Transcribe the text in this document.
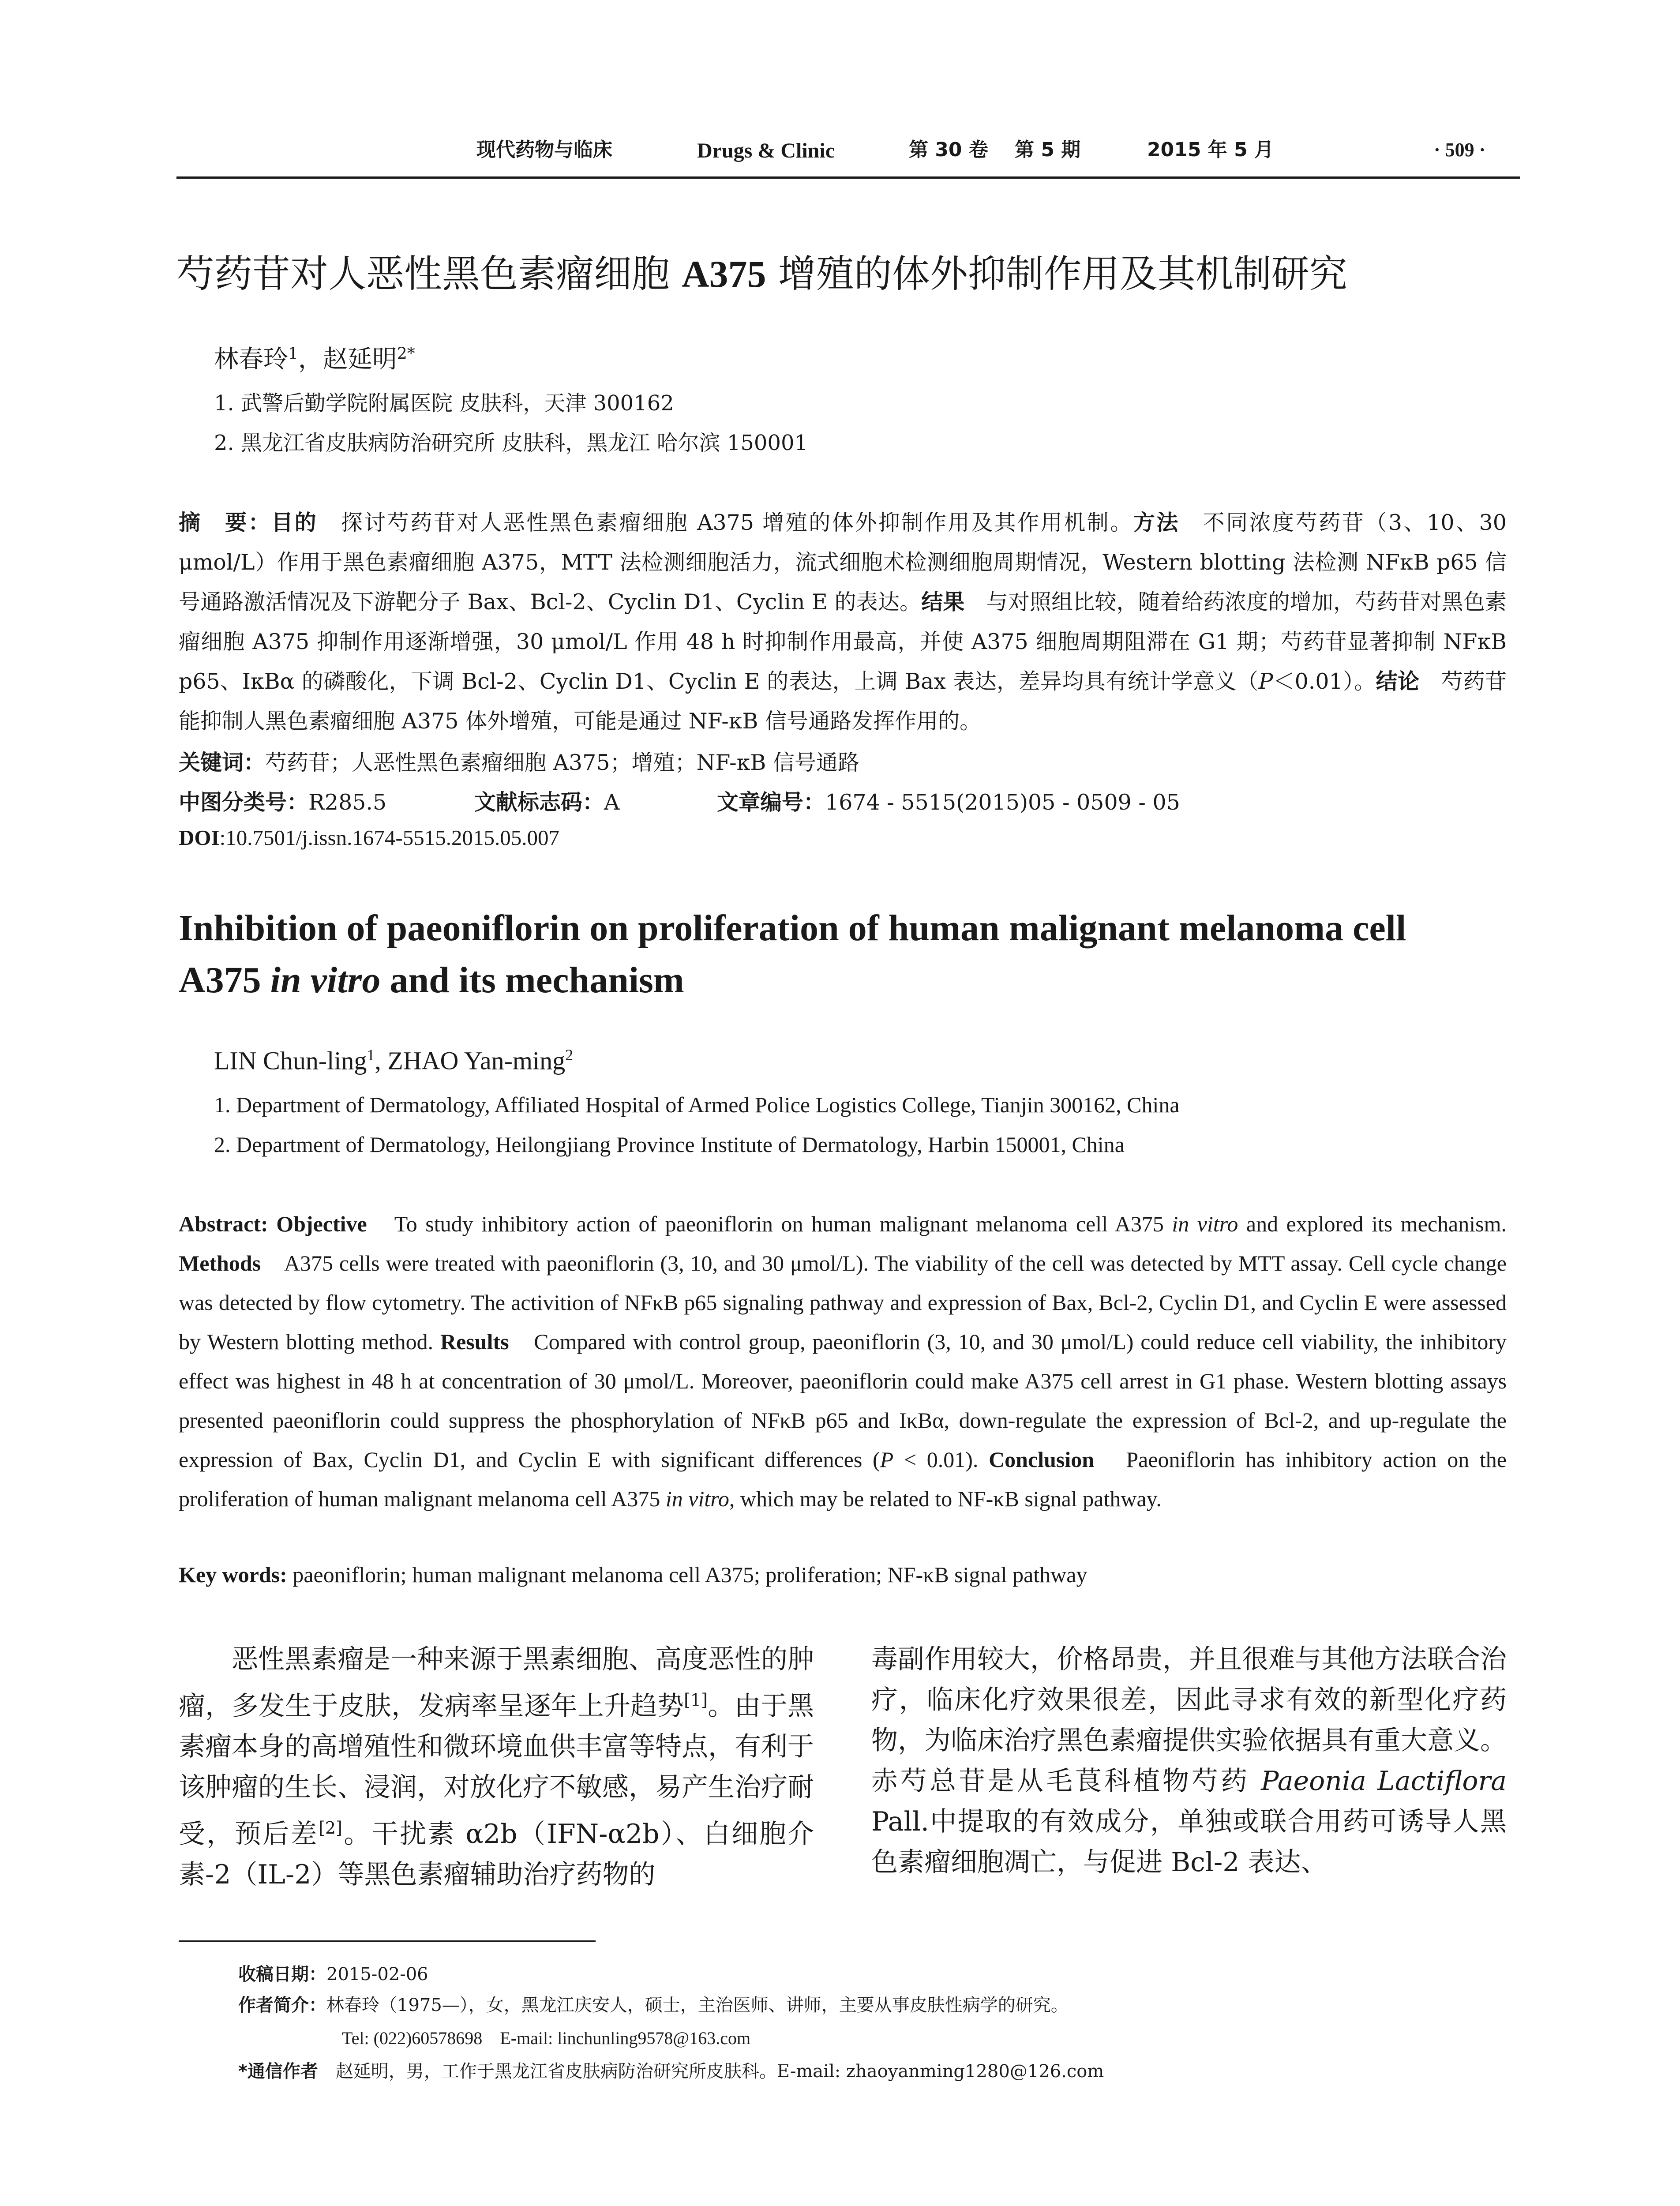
现代药物与临床	Drugs & Clinic	第 30 卷 第 5 期	2015 年 5 月	· 509 ·
芍药苷对人恶性黑色素瘤细胞 A375 增殖的体外抑制作用及其机制研究
林春玲$^1$，赵延明$^{2*}$
1. 武警后勤学院附属医院 皮肤科，天津 300162
2. 黑龙江省皮肤病防治研究所 皮肤科，黑龙江 哈尔滨 150001
摘　要：目的　探讨芍药苷对人恶性黑色素瘤细胞 A375 增殖的体外抑制作用及其作用机制。方法　不同浓度芍药苷（3、10、30 μmol/L）作用于黑色素瘤细胞 A375，MTT 法检测细胞活力，流式细胞术检测细胞周期情况，Western blotting 法检测 NFκB p65 信号通路激活情况及下游靶分子 Bax、Bcl-2、Cyclin D1、Cyclin E 的表达。结果　与对照组比较，随着给药浓度的增加，芍药苷对黑色素瘤细胞 A375 抑制作用逐渐增强，30 μmol/L 作用 48 h 时抑制作用最高，并使 A375 细胞周期阻滞在 G1 期；芍药苷显著抑制 NFκB p65、IκBα 的磷酸化，下调 Bcl-2、Cyclin D1、Cyclin E 的表达，上调 Bax 表达，差异均具有统计学意义（P＜0.01）。结论　芍药苷能抑制人黑色素瘤细胞 A375 体外增殖，可能是通过 NF-κB 信号通路发挥作用的。
关键词：芍药苷；人恶性黑色素瘤细胞 A375；增殖；NF-κB 信号通路
中图分类号：R285.5	文献标志码：A	文章编号：1674 - 5515(2015)05 - 0509 - 05
DOI:10.7501/j.issn.1674-5515.2015.05.007
Inhibition of paeoniflorin on proliferation of human malignant melanoma cell
A375 in vitro and its mechanism
LIN Chun-ling$^1$, ZHAO Yan-ming$^2$
1. Department of Dermatology, Affiliated Hospital of Armed Police Logistics College, Tianjin 300162, China
2. Department of Dermatology, Heilongjiang Province Institute of Dermatology, Harbin 150001, China
Abstract: Objective　To study inhibitory action of paeoniflorin on human malignant melanoma cell A375 in vitro and explored its mechanism. Methods　A375 cells were treated with paeoniflorin (3, 10, and 30 μmol/L). The viability of the cell was detected by MTT assay. Cell cycle change was detected by flow cytometry. The activition of NFκB p65 signaling pathway and expression of Bax, Bcl-2, Cyclin D1, and Cyclin E were assessed by Western blotting method. Results　Compared with control group, paeoniflorin (3, 10, and 30 μmol/L) could reduce cell viability, the inhibitory effect was highest in 48 h at concentration of 30 μmol/L. Moreover, paeoniflorin could make A375 cell arrest in G1 phase. Western blotting assays presented paeoniflorin could suppress the phosphorylation of NFκB p65 and IκBα, down-regulate the expression of Bcl-2, and up-regulate the expression of Bax, Cyclin D1, and Cyclin E with significant differences (P < 0.01). Conclusion　Paeoniflorin has inhibitory action on the proliferation of human malignant melanoma cell A375 in vitro, which may be related to NF-κB signal pathway.
Key words: paeoniflorin; human malignant melanoma cell A375; proliferation; NF-κB signal pathway
恶性黑素瘤是一种来源于黑素细胞、高度恶性的肿瘤，多发生于皮肤，发病率呈逐年上升趋势[1]。由于黑素瘤本身的高增殖性和微环境血供丰富等特点，有利于该肿瘤的生长、浸润，对放化疗不敏感，易产生治疗耐受，预后差[2]。干扰素 α2b（IFN-α2b）、白细胞介素-2（IL-2）等黑色素瘤辅助治疗药物的
毒副作用较大，价格昂贵，并且很难与其他方法联合治疗，临床化疗效果很差，因此寻求有效的新型化疗药物，为临床治疗黑色素瘤提供实验依据具有重大意义。赤芍总苷是从毛茛科植物芍药 Paeonia Lactiflora Pall.中提取的有效成分，单独或联合用药可诱导人黑色素瘤细胞凋亡，与促进 Bcl-2 表达、
收稿日期：2015-02-06
作者简介：林春玲（1975—），女，黑龙江庆安人，硕士，主治医师、讲师，主要从事皮肤性病学的研究。
Tel: (022)60578698　E-mail: linchunling9578@163.com
*通信作者　赵延明，男，工作于黑龙江省皮肤病防治研究所皮肤科。E-mail: zhaoyanming1280@126.com
